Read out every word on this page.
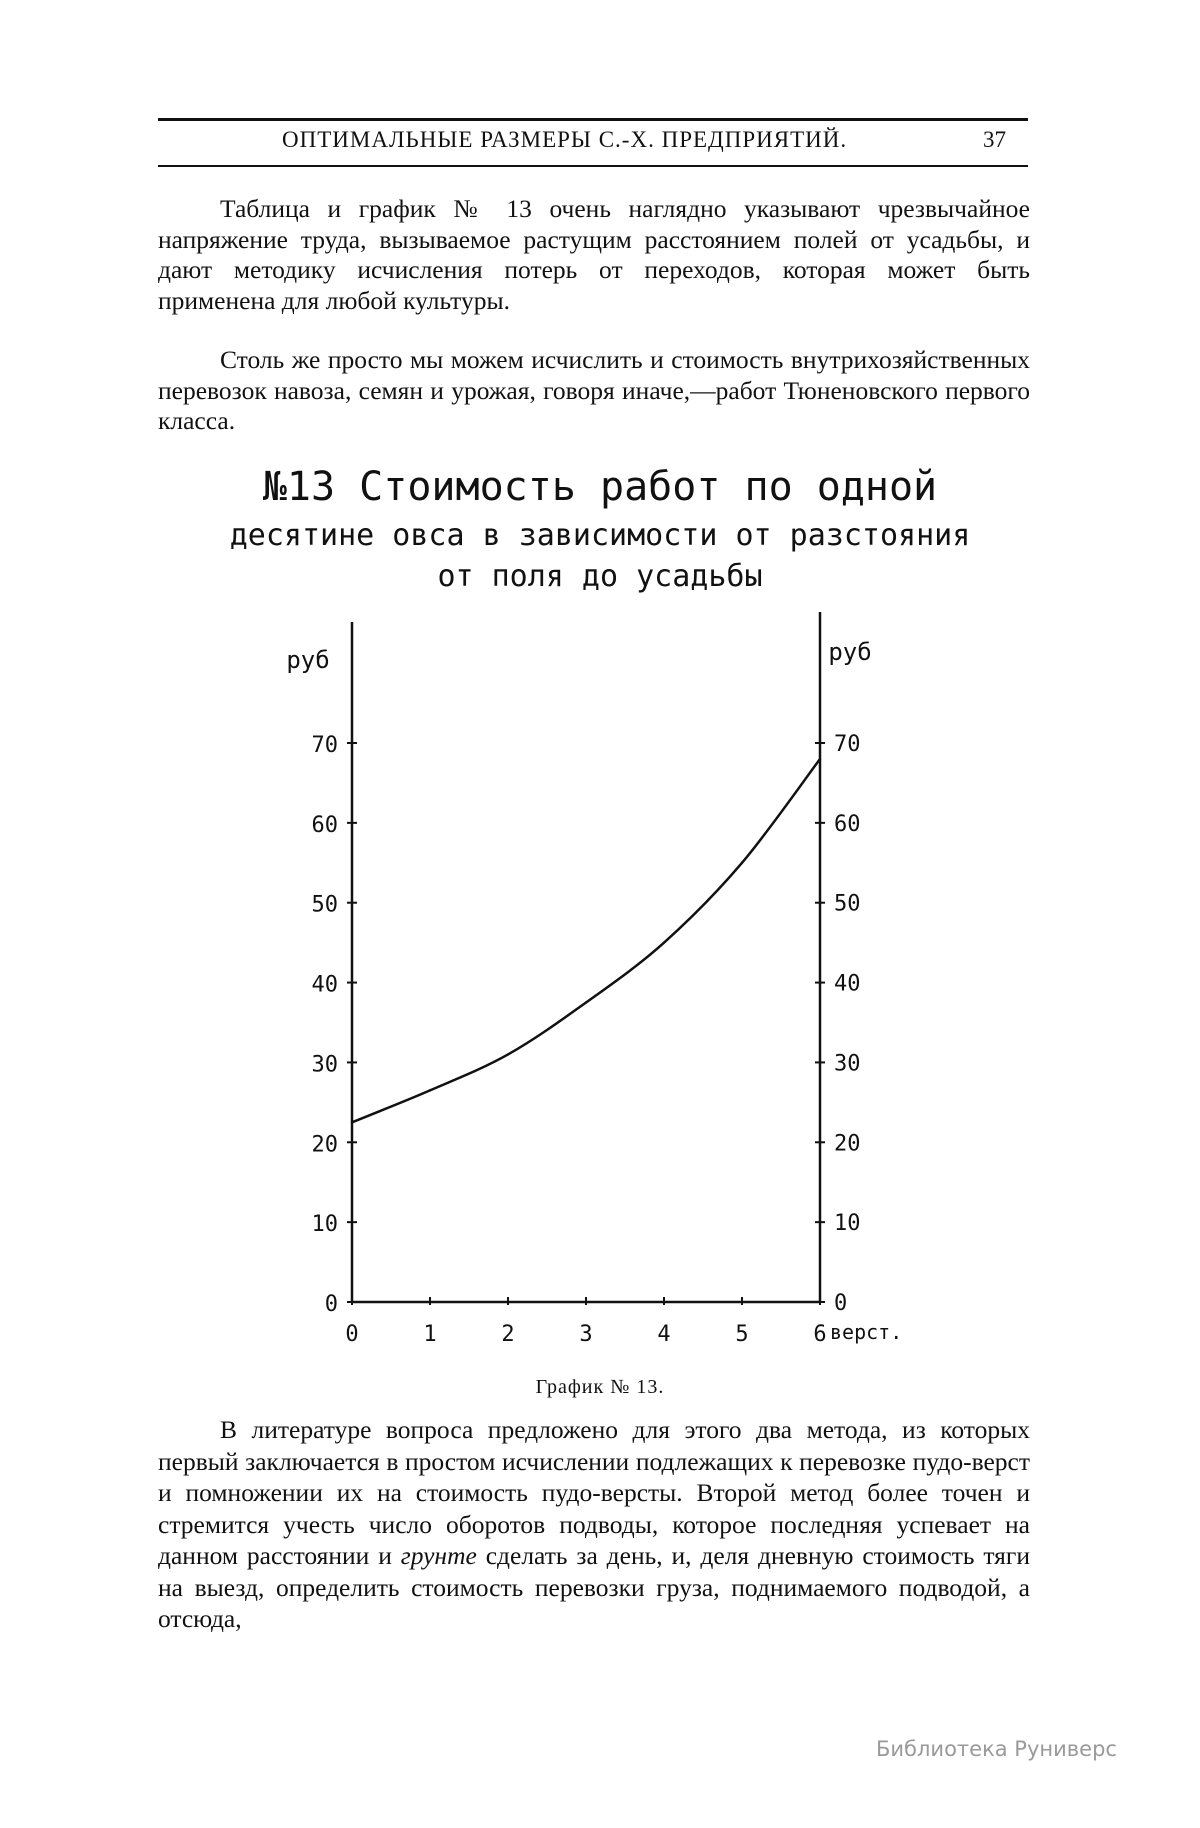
ОПТИМАЛЬНЫЕ РАЗМЕРЫ С.-Х. ПРЕДПРИЯТИЙ.	37

Таблица и график № 13 очень наглядно указывают чрезвычайное напряжение труда, вызываемое растущим расстоянием полей от усадьбы, и дают методику исчисления потерь от переходов, которая может быть применена для любой культуры.

Столь же просто мы можем исчислить и стоимость внутрихозяйственных перевозок навоза, семян и урожая, говоря иначе,—работ Тюненовского первого класса.

№13 Стоимость работ по одной
десятине овса в зависимости от разстояния
от поля до усадьбы
руб	руб
0	0
10	10
20	20
30	30
40	40
50	50
60	60
70	70
0	1	2	3	4	5	6 верст.
График № 13.

В литературе вопроса предложено для этого два метода, из которых первый заключается в простом исчислении подлежащих к перевозке пудо-верст и помножении их на стоимость пудо-версты. Второй метод более точен и стремится учесть число оборотов подводы, которое последняя успевает на данном расстоянии и грунте сделать за день, и, деля дневную стоимость тяги на выезд, определить стоимость перевозки груза, поднимаемого подводой, а отсюда,

Библиотека Руниверс
